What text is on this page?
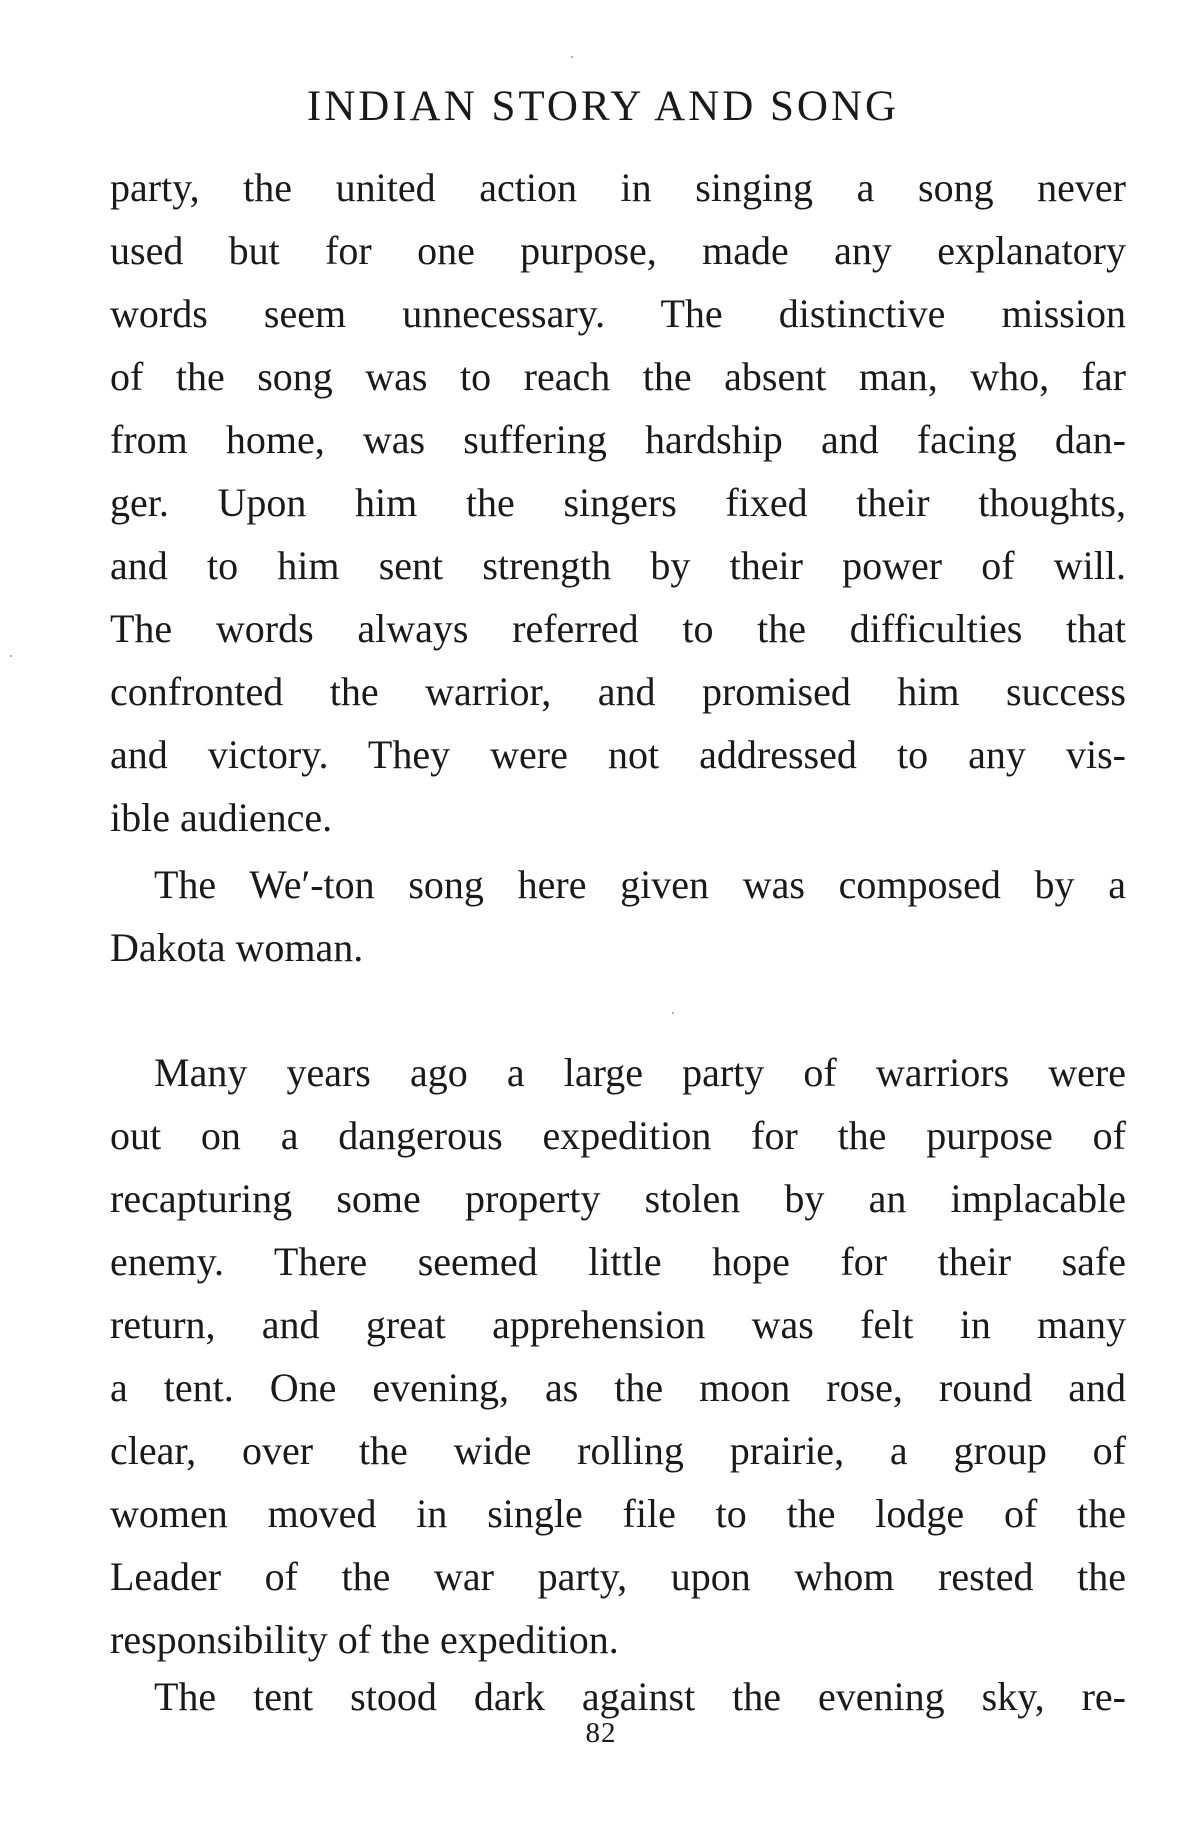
INDIAN STORY AND SONG
party, the united action in singing a song never
used but for one purpose, made any explanatory
words seem unnecessary. The distinctive mission
of the song was to reach the absent man, who, far
from home, was suffering hardship and facing dan-
ger. Upon him the singers fixed their thoughts,
and to him sent strength by their power of will.
The words always referred to the difficulties that
confronted the warrior, and promised him success
and victory. They were not addressed to any vis-
ible audience.
The We′-ton song here given was composed by a
Dakota woman.
Many years ago a large party of warriors were
out on a dangerous expedition for the purpose of
recapturing some property stolen by an implacable
enemy. There seemed little hope for their safe
return, and great apprehension was felt in many
a tent. One evening, as the moon rose, round and
clear, over the wide rolling prairie, a group of
women moved in single file to the lodge of the
Leader of the war party, upon whom rested the
responsibility of the expedition.
The tent stood dark against the evening sky, re-
82
